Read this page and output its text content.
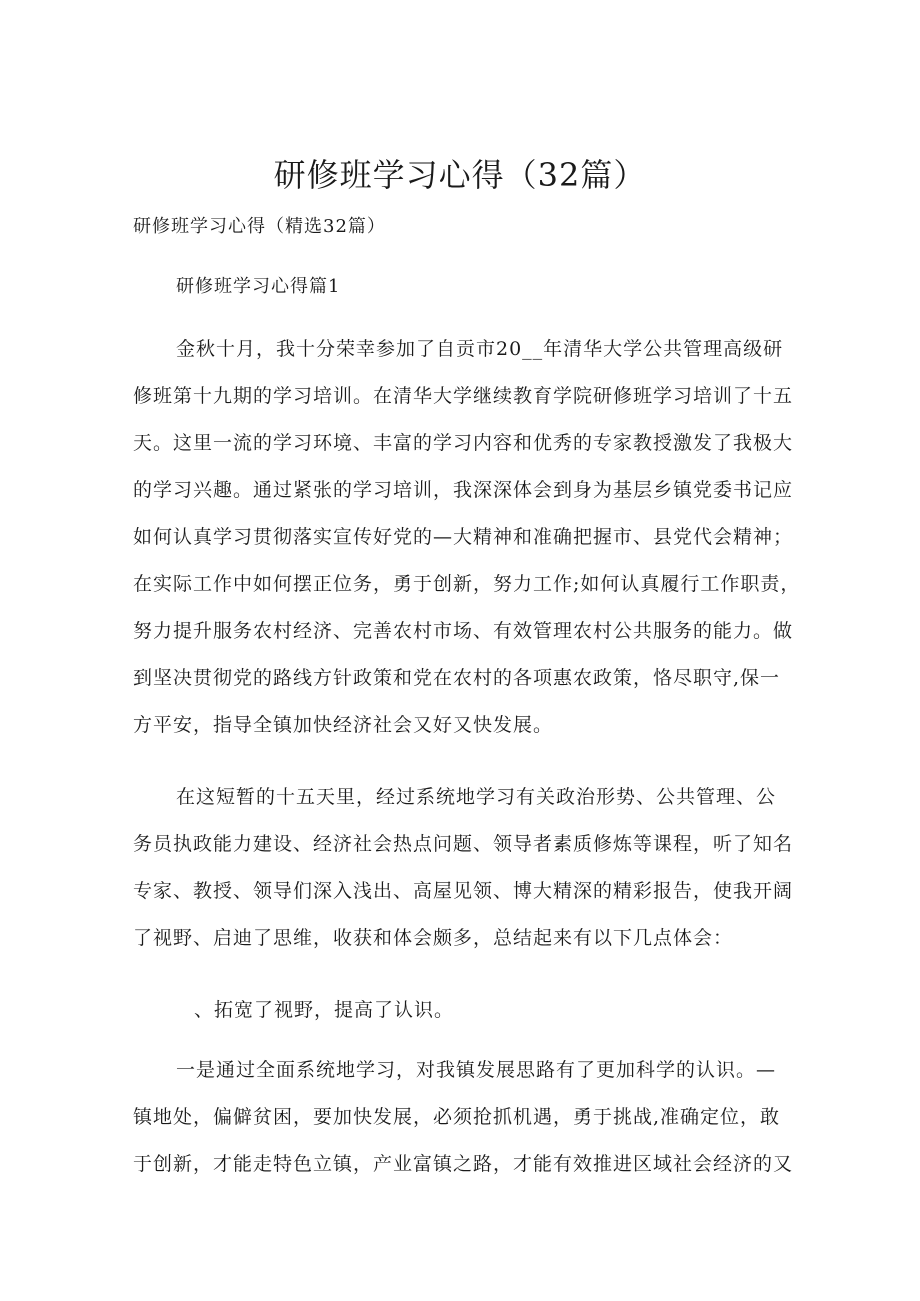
研修班学习心得（32篇）

研修班学习心得（精选32篇）

研修班学习心得篇1

金秋十月，我十分荣幸参加了自贡市20__年清华大学公共管理高级研

修班第十九期的学习培训。在清华大学继续教育学院研修班学习培训了十五

天。这里一流的学习环境、丰富的学习内容和优秀的专家教授激发了我极大

的学习兴趣。通过紧张的学习培训，我深深体会到身为基层乡镇党委书记应

如何认真学习贯彻落实宣传好党的—大精神和准确把握市、县党代会精神；

在实际工作中如何摆正位务，勇于创新，努力工作;如何认真履行工作职责，

努力提升服务农村经济、完善农村市场、有效管理农村公共服务的能力。做

到坚决贯彻党的路线方针政策和党在农村的各项惠农政策，恪尽职守,保一

方平安，指导全镇加快经济社会又好又快发展。

在这短暂的十五天里，经过系统地学习有关政治形势、公共管理、公

务员执政能力建设、经济社会热点问题、领导者素质修炼等课程，听了知名

专家、教授、领导们深入浅出、高屋见领、博大精深的精彩报告，使我开阔

了视野、启迪了思维，收获和体会颇多，总结起来有以下几点体会：

、拓宽了视野，提高了认识。

一是通过全面系统地学习，对我镇发展思路有了更加科学的认识。—

镇地处，偏僻贫困，要加快发展，必须抢抓机遇，勇于挑战,准确定位，敢

于创新，才能走特色立镇，产业富镇之路，才能有效推进区域社会经济的又
